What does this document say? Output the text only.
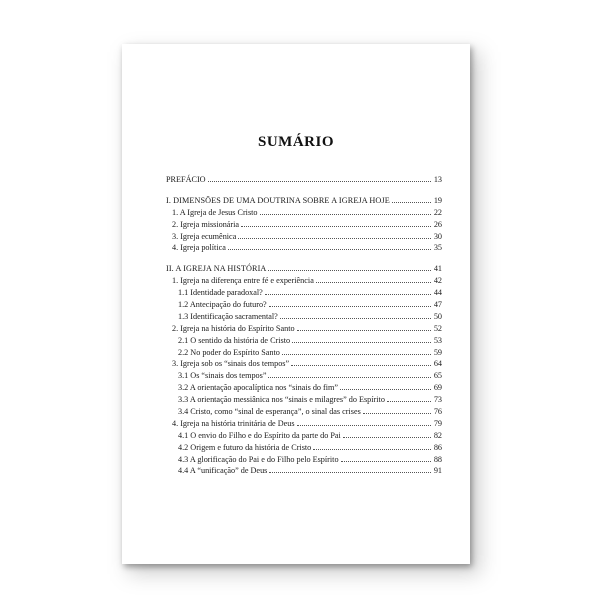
SUMÁRIO
PREFÁCIO	13
I. DIMENSÕES DE UMA DOUTRINA SOBRE A IGREJA HOJE	19
1. A Igreja de Jesus Cristo	22
2. Igreja missionária	26
3. Igreja ecumênica	30
4. Igreja política	35
II. A IGREJA NA HISTÓRIA	41
1. Igreja na diferença entre fé e experiência	42
1.1 Identidade paradoxal?	44
1.2 Antecipação do futuro?	47
1.3 Identificação sacramental?	50
2. Igreja na história do Espírito Santo	52
2.1 O sentido da história de Cristo	53
2.2 No poder do Espírito Santo	59
3. Igreja sob os “sinais dos tempos”	64
3.1 Os “sinais dos tempos”	65
3.2 A orientação apocalíptica nos “sinais do fim”	69
3.3 A orientação messiânica nos “sinais e milagres” do Espírito	73
3.4 Cristo, como “sinal de esperança”, o sinal das crises	76
4. Igreja na história trinitária de Deus	79
4.1 O envio do Filho e do Espírito da parte do Pai	82
4.2 Origem e futuro da história de Cristo	86
4.3 A glorificação do Pai e do Filho pelo Espírito	88
4.4 A “unificação” de Deus	91
